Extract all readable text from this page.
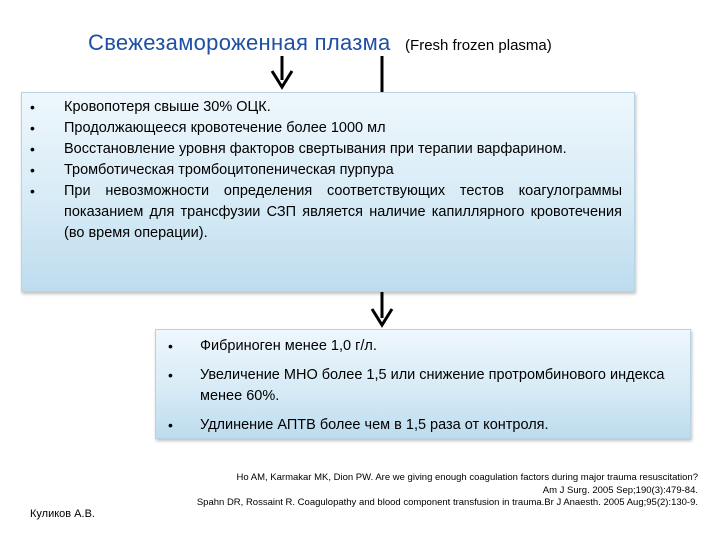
Свежезамороженная плазма (Fresh frozen plasma)
• Кровопотеря свыше 30% ОЦК.
• Продолжающееся кровотечение более 1000 мл
• Восстановление уровня факторов свертывания при терапии варфарином.
• Тромботическая тромбоцитопеническая пурпура
• При невозможности определения соответствующих тестов коагулограммы показанием для трансфузии СЗП является наличие капиллярного кровотечения (во время операции).
• Фибриноген менее 1,0 г/л.
• Увеличение МНО более 1,5 или снижение протромбинового индекса менее 60%.
• Удлинение АПТВ более чем в 1,5 раза от контроля.
Ho AM, Karmakar MK, Dion PW. Are we giving enough coagulation factors during major trauma resuscitation?
Am J Surg. 2005 Sep;190(3):479-84.
Spahn DR, Rossaint R. Coagulopathy and blood component transfusion in trauma.Br J Anaesth. 2005 Aug;95(2):130-9.
Куликов А.В.
